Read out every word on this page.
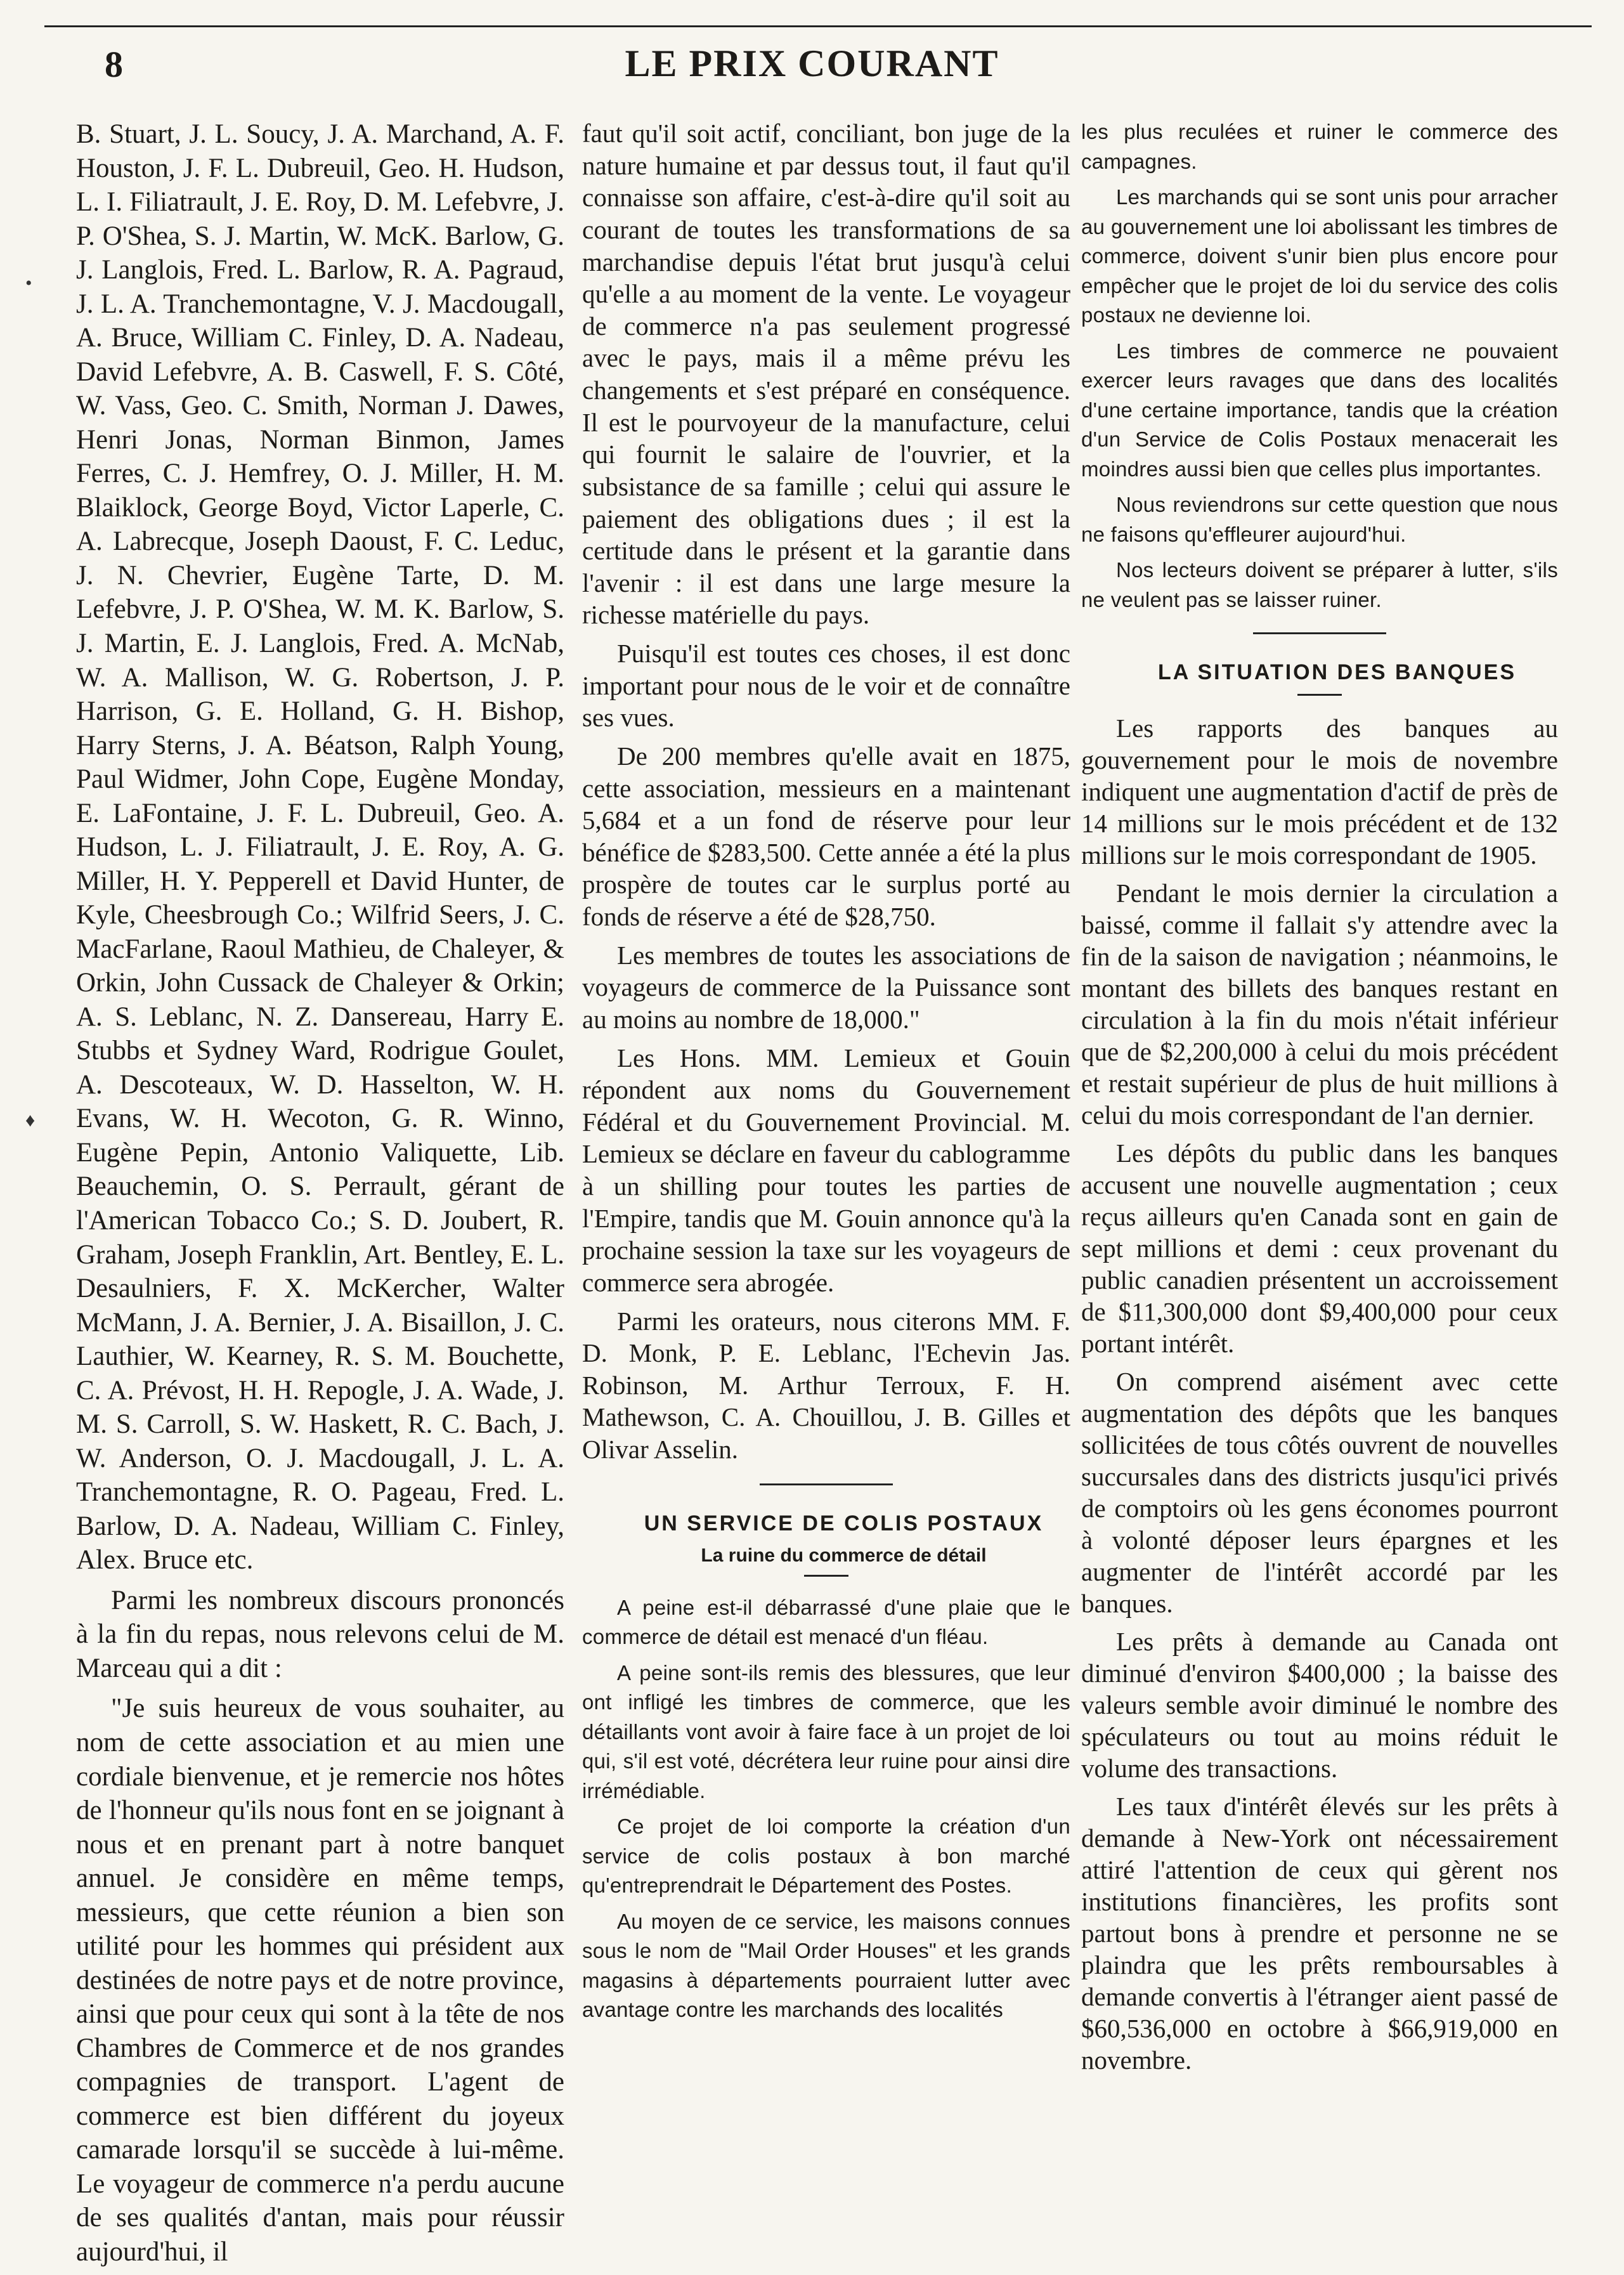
8	LE PRIX COURANT
•
♦

B. Stuart, J. L. Soucy, J. A. Marchand, A. F. Houston, J. F. L. Dubreuil, Geo. H. Hudson, L. I. Filiatrault, J. E. Roy, D. M. Lefebvre, J. P. O'Shea, S. J. Martin, W. McK. Barlow, G. J. Langlois, Fred. L. Barlow, R. A. Pagraud, J. L. A. Tranchemontagne, V. J. Macdougall, A. Bruce, William C. Finley, D. A. Nadeau, David Lefebvre, A. B. Caswell, F. S. Côté, W. Vass, Geo. C. Smith, Norman J. Dawes, Henri Jonas, Norman Binmon, James Ferres, C. J. Hemfrey, O. J. Miller, H. M. Blaiklock, George Boyd, Victor Laperle, C. A. Labrecque, Joseph Daoust, F. C. Leduc, J. N. Chevrier, Eugène Tarte, D. M. Lefebvre, J. P. O'Shea, W. M. K. Barlow, S. J. Martin, E. J. Langlois, Fred. A. McNab, W. A. Mallison, W. G. Robertson, J. P. Harrison, G. E. Holland, G. H. Bishop, Harry Sterns, J. A. Béatson, Ralph Young, Paul Widmer, John Cope, Eugène Monday, E. LaFontaine, J. F. L. Dubreuil, Geo. A. Hudson, L. J. Filiatrault, J. E. Roy, A. G. Miller, H. Y. Pepperell et David Hunter, de Kyle, Cheesbrough Co.; Wilfrid Seers, J. C. MacFarlane, Raoul Mathieu, de Chaleyer, & Orkin, John Cussack de Chaleyer & Orkin; A. S. Leblanc, N. Z. Dansereau, Harry E. Stubbs et Sydney Ward, Rodrigue Goulet, A. Descoteaux, W. D. Hasselton, W. H. Evans, W. H. Wecoton, G. R. Winno, Eugène Pepin, Antonio Valiquette, Lib. Beauchemin, O. S. Perrault, gérant de l'American Tobacco Co.; S. D. Joubert, R. Graham, Joseph Franklin, Art. Bentley, E. L. Desaulniers, F. X. McKercher, Walter McMann, J. A. Bernier, J. A. Bisaillon, J. C. Lauthier, W. Kearney, R. S. M. Bouchette, C. A. Prévost, H. H. Repogle, J. A. Wade, J. M. S. Carroll, S. W. Haskett, R. C. Bach, J. W. Anderson, O. J. Macdougall, J. L. A. Tranchemontagne, R. O. Pageau, Fred. L. Barlow, D. A. Nadeau, William C. Finley, Alex. Bruce etc.

Parmi les nombreux discours prononcés à la fin du repas, nous relevons celui de M. Marceau qui a dit :

"Je suis heureux de vous souhaiter, au nom de cette association et au mien une cordiale bienvenue, et je remercie nos hôtes de l'honneur qu'ils nous font en se joignant à nous et en prenant part à notre banquet annuel. Je considère en même temps, messieurs, que cette réunion a bien son utilité pour les hommes qui président aux destinées de notre pays et de notre province, ainsi que pour ceux qui sont à la tête de nos Chambres de Commerce et de nos grandes compagnies de transport. L'agent de commerce est bien différent du joyeux camarade lorsqu'il se succède à lui-même. Le voyageur de commerce n'a perdu aucune de ses qualités d'antan, mais pour réussir aujourd'hui, il

faut qu'il soit actif, conciliant, bon juge de la nature humaine et par dessus tout, il faut qu'il connaisse son affaire, c'est-à-dire qu'il soit au courant de toutes les transformations de sa marchandise depuis l'état brut jusqu'à celui qu'elle a au moment de la vente. Le voyageur de commerce n'a pas seulement progressé avec le pays, mais il a même prévu les changements et s'est préparé en conséquence. Il est le pourvoyeur de la manufacture, celui qui fournit le salaire de l'ouvrier, et la subsistance de sa famille ; celui qui assure le paiement des obligations dues ; il est la certitude dans le présent et la garantie dans l'avenir : il est dans une large mesure la richesse matérielle du pays.

Puisqu'il est toutes ces choses, il est donc important pour nous de le voir et de connaître ses vues.

De 200 membres qu'elle avait en 1875, cette association, messieurs en a maintenant 5,684 et a un fond de réserve pour leur bénéfice de $283,500. Cette année a été la plus prospère de toutes car le surplus porté au fonds de réserve a été de $28,750.

Les membres de toutes les associations de voyageurs de commerce de la Puissance sont au moins au nombre de 18,000."

Les Hons. MM. Lemieux et Gouin répondent aux noms du Gouvernement Fédéral et du Gouvernement Provincial. M. Lemieux se déclare en faveur du cablogramme à un shilling pour toutes les parties de l'Empire, tandis que M. Gouin annonce qu'à la prochaine session la taxe sur les voyageurs de commerce sera abrogée.

Parmi les orateurs, nous citerons MM. F. D. Monk, P. E. Leblanc, l'Echevin Jas. Robinson, M. Arthur Terroux, F. H. Mathewson, C. A. Chouillou, J. B. Gilles et Olivar Asselin.

UN SERVICE DE COLIS POSTAUX

La ruine du commerce de détail

A peine est-il débarrassé d'une plaie que le commerce de détail est menacé d'un fléau.

A peine sont-ils remis des blessures, que leur ont infligé les timbres de commerce, que les détaillants vont avoir à faire face à un projet de loi qui, s'il est voté, décrétera leur ruine pour ainsi dire irrémédiable.

Ce projet de loi comporte la création d'un service de colis postaux à bon marché qu'entreprendrait le Département des Postes.

Au moyen de ce service, les maisons connues sous le nom de "Mail Order Houses" et les grands magasins à départements pourraient lutter avec avantage contre les marchands des localités

les plus reculées et ruiner le commerce des campagnes.

Les marchands qui se sont unis pour arracher au gouvernement une loi abolissant les timbres de commerce, doivent s'unir bien plus encore pour empêcher que le projet de loi du service des colis postaux ne devienne loi.

Les timbres de commerce ne pouvaient exercer leurs ravages que dans des localités d'une certaine importance, tandis que la création d'un Service de Colis Postaux menacerait les moindres aussi bien que celles plus importantes.

Nous reviendrons sur cette question que nous ne faisons qu'effleurer aujourd'hui.

Nos lecteurs doivent se préparer à lutter, s'ils ne veulent pas se laisser ruiner.

LA SITUATION DES BANQUES

Les rapports des banques au gouvernement pour le mois de novembre indiquent une augmentation d'actif de près de 14 millions sur le mois précédent et de 132 millions sur le mois correspondant de 1905.

Pendant le mois dernier la circulation a baissé, comme il fallait s'y attendre avec la fin de la saison de navigation ; néanmoins, le montant des billets des banques restant en circulation à la fin du mois n'était inférieur que de $2,200,000 à celui du mois précédent et restait supérieur de plus de huit millions à celui du mois correspondant de l'an dernier.

Les dépôts du public dans les banques accusent une nouvelle augmentation ; ceux reçus ailleurs qu'en Canada sont en gain de sept millions et demi : ceux provenant du public canadien présentent un accroissement de $11,300,000 dont $9,400,000 pour ceux portant intérêt.

On comprend aisément avec cette augmentation des dépôts que les banques sollicitées de tous côtés ouvrent de nouvelles succursales dans des districts jusqu'ici privés de comptoirs où les gens économes pourront à volonté déposer leurs épargnes et les augmenter de l'intérêt accordé par les banques.

Les prêts à demande au Canada ont diminué d'environ $400,000 ; la baisse des valeurs semble avoir diminué le nombre des spéculateurs ou tout au moins réduit le volume des transactions.

Les taux d'intérêt élevés sur les prêts à demande à New-York ont nécessairement attiré l'attention de ceux qui gèrent nos institutions financières, les profits sont partout bons à prendre et personne ne se plaindra que les prêts remboursables à demande convertis à l'étranger aient passé de $60,536,000 en octobre à $66,919,000 en novembre.
